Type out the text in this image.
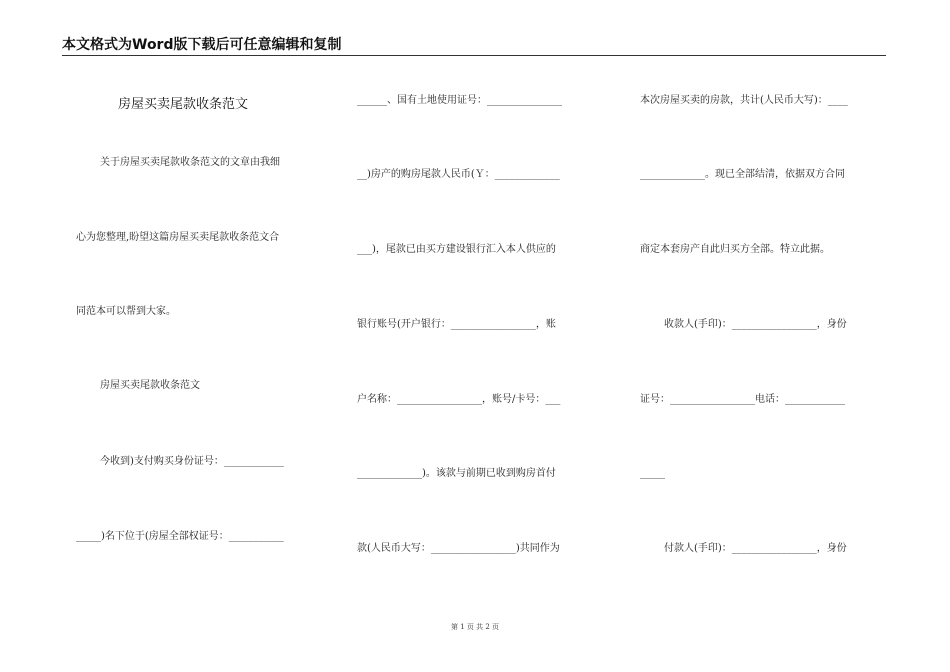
本文格式为Word版下载后可任意编辑和复制
房屋买卖尾款收条范文
关于房屋买卖尾款收条范文的文章由我细
心为您整理,盼望这篇房屋买卖尾款收条范文合
同范本可以帮到大家。
房屋买卖尾款收条范文
今收到)支付购买身份证号：____________
_____)名下位于(房屋全部权证号：___________
______、国有土地使用证号：_______________
__)房产的购房尾款人民币(Ｙ：_____________
___)，尾款已由买方建设银行汇入本人供应的
银行账号(开户银行：_________________，账
户名称：_________________，账号/卡号：___
_____________)。该款与前期已收到购房首付
款(人民币大写：_________________)共同作为
本次房屋买卖的房款，共计(人民币大写)：____
_____________。现已全部结清，依据双方合同
商定本套房产自此归买方全部。特立此据。
收款人(手印)：_________________，身份
证号：_________________电话：____________
_____
付款人(手印)：_________________，身份
第 1 页 共 2 页
